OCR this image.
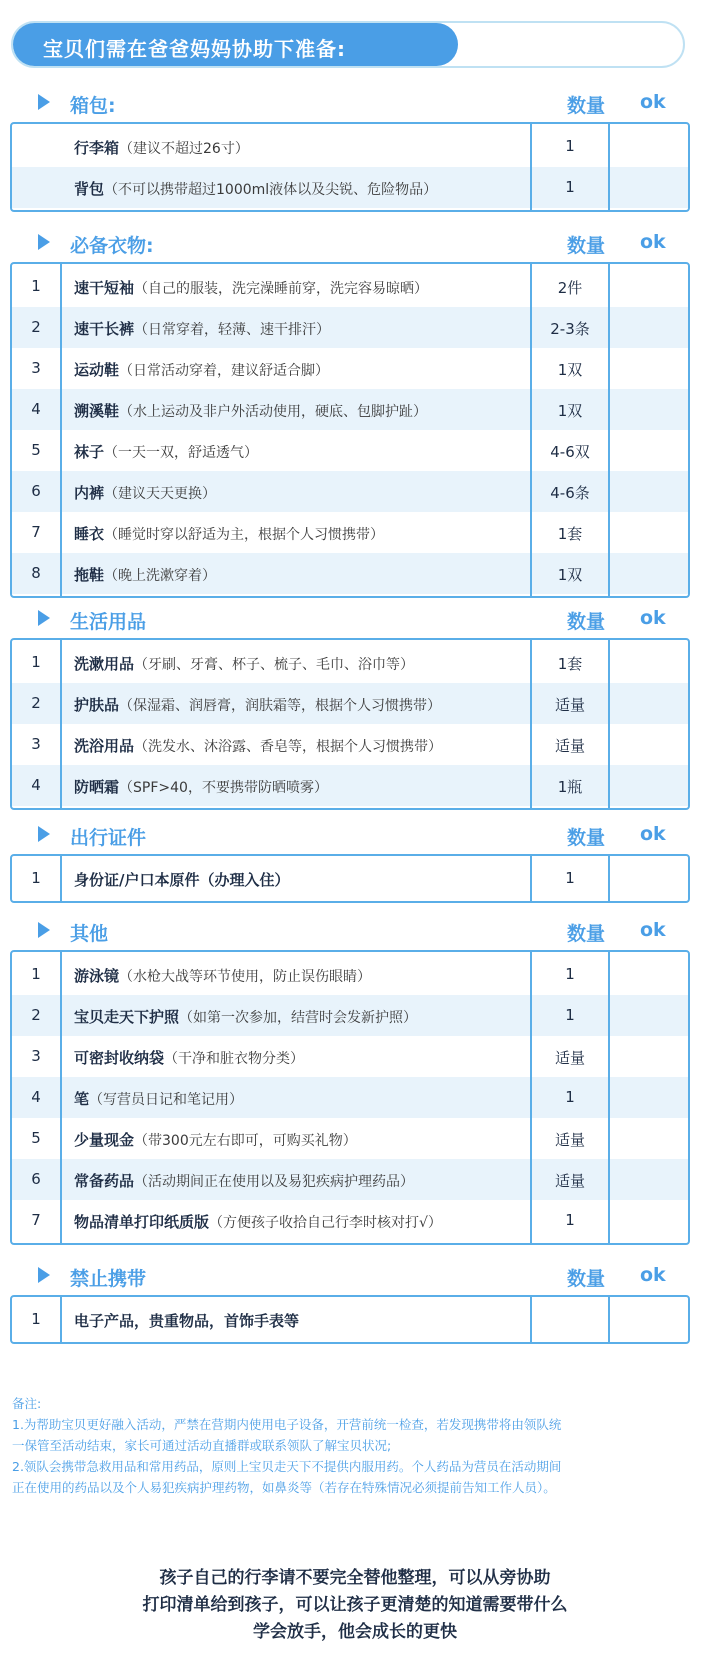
宝贝们需在爸爸妈妈协助下准备:
箱包:	数量 ok
行李箱（建议不超过26寸）	1
背包（不可以携带超过1000ml液体以及尖锐、危险物品）	1
必备衣物:	数量 ok
1	速干短袖（自己的服装，洗完澡睡前穿，洗完容易晾晒）	2件
2	速干长裤（日常穿着，轻薄、速干排汗）	2-3条
3	运动鞋（日常活动穿着，建议舒适合脚）	1双
4	溯溪鞋（水上运动及非户外活动使用，硬底、包脚护趾）	1双
5	袜子（一天一双，舒适透气）	4-6双
6	内裤（建议天天更换）	4-6条
7	睡衣（睡觉时穿以舒适为主，根据个人习惯携带）	1套
8	拖鞋（晚上洗漱穿着）	1双
生活用品	数量 ok
1	洗漱用品（牙刷、牙膏、杯子、梳子、毛巾、浴巾等）	1套
2	护肤品（保湿霜、润唇膏，润肤霜等，根据个人习惯携带）	适量
3	洗浴用品（洗发水、沐浴露、香皂等，根据个人习惯携带）	适量
4	防晒霜（SPF>40，不要携带防晒喷雾）	1瓶
出行证件	数量 ok
1	身份证/户口本原件（办理入住）	1
其他	数量 ok
1	游泳镜（水枪大战等环节使用，防止误伤眼睛）	1
2	宝贝走天下护照（如第一次参加，结营时会发新护照）	1
3	可密封收纳袋（干净和脏衣物分类）	适量
4	笔（写营员日记和笔记用）	1
5	少量现金（带300元左右即可，可购买礼物）	适量
6	常备药品（活动期间正在使用以及易犯疾病护理药品）	适量
7	物品清单打印纸质版（方便孩子收拾自己行李时核对打√）	1
禁止携带	数量 ok
1	电子产品，贵重物品，首饰手表等
备注:
1.为帮助宝贝更好融入活动，严禁在营期内使用电子设备，开营前统一检查，若发现携带将由领队统
一保管至活动结束，家长可通过活动直播群或联系领队了解宝贝状况;
2.领队会携带急救用品和常用药品，原则上宝贝走天下不提供内服用药。个人药品为营员在活动期间
正在使用的药品以及个人易犯疾病护理药物，如鼻炎等（若存在特殊情况必须提前告知工作人员）。
孩子自己的行李请不要完全替他整理，可以从旁协助
打印清单给到孩子，可以让孩子更清楚的知道需要带什么
学会放手，他会成长的更快
